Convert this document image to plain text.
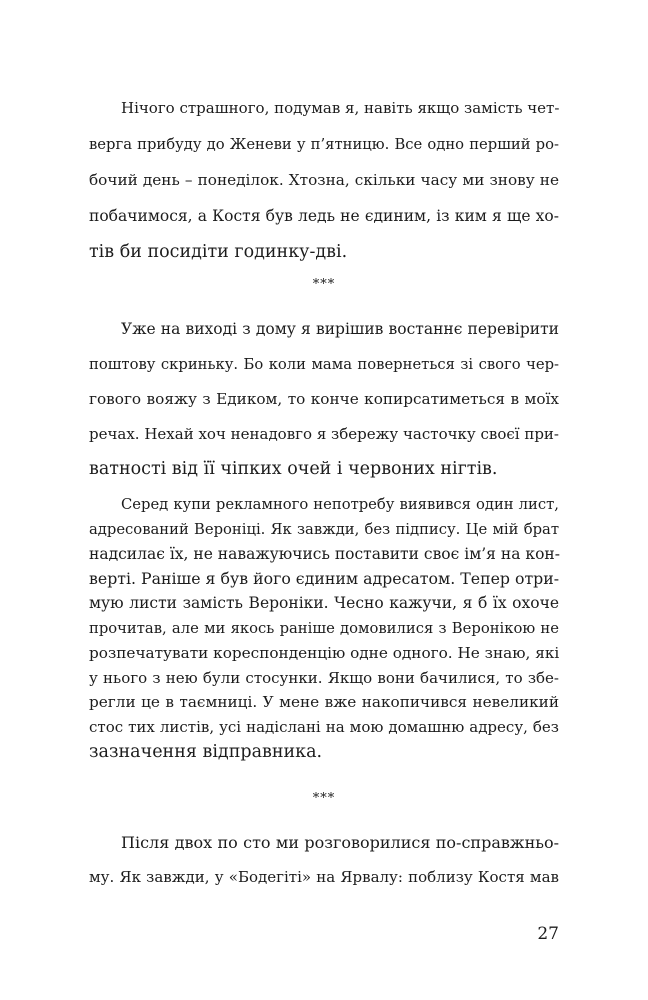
Нічого страшного, подумав я, навіть якщо замість чет-
верга прибуду до Женеви у п’ятницю. Все одно перший ро-
бочий день – понеділок. Хтозна, скільки часу ми знову не
побачимося, а Костя був ледь не єдиним, із ким я ще хо-
тів би посидіти годинку-дві.
***
Уже на виході з дому я вирішив востаннє перевірити
поштову скриньку. Бо коли мама повернеться зі свого чер-
гового вояжу з Едиком, то конче копирсатиметься в моїх
речах. Нехай хоч ненадовго я збережу часточку своєї при-
ватності від її чіпких очей і червоних нігтів.
Серед купи рекламного непотребу виявився один лист,
адресований Вероніці. Як завжди, без підпису. Це мій брат
надсилає їх, не наважуючись поставити своє ім’я на кон-
верті. Раніше я був його єдиним адресатом. Тепер отри-
мую листи замість Вероніки. Чесно кажучи, я б їх охоче
прочитав, але ми якось раніше домовилися з Веронікою не
розпечатувати кореспонденцію одне одного. Не знаю, які
у нього з нею були стосунки. Якщо вони бачилися, то збе-
регли це в таємниці. У мене вже накопичився невеликий
стос тих листів, усі надіслані на мою домашню адресу, без
зазначення відправника.
27
***
Після двох по сто ми розговорилися по-справжньо-
му. Як завжди, у «Бодегіті» на Ярвалу: поблизу Костя мав
